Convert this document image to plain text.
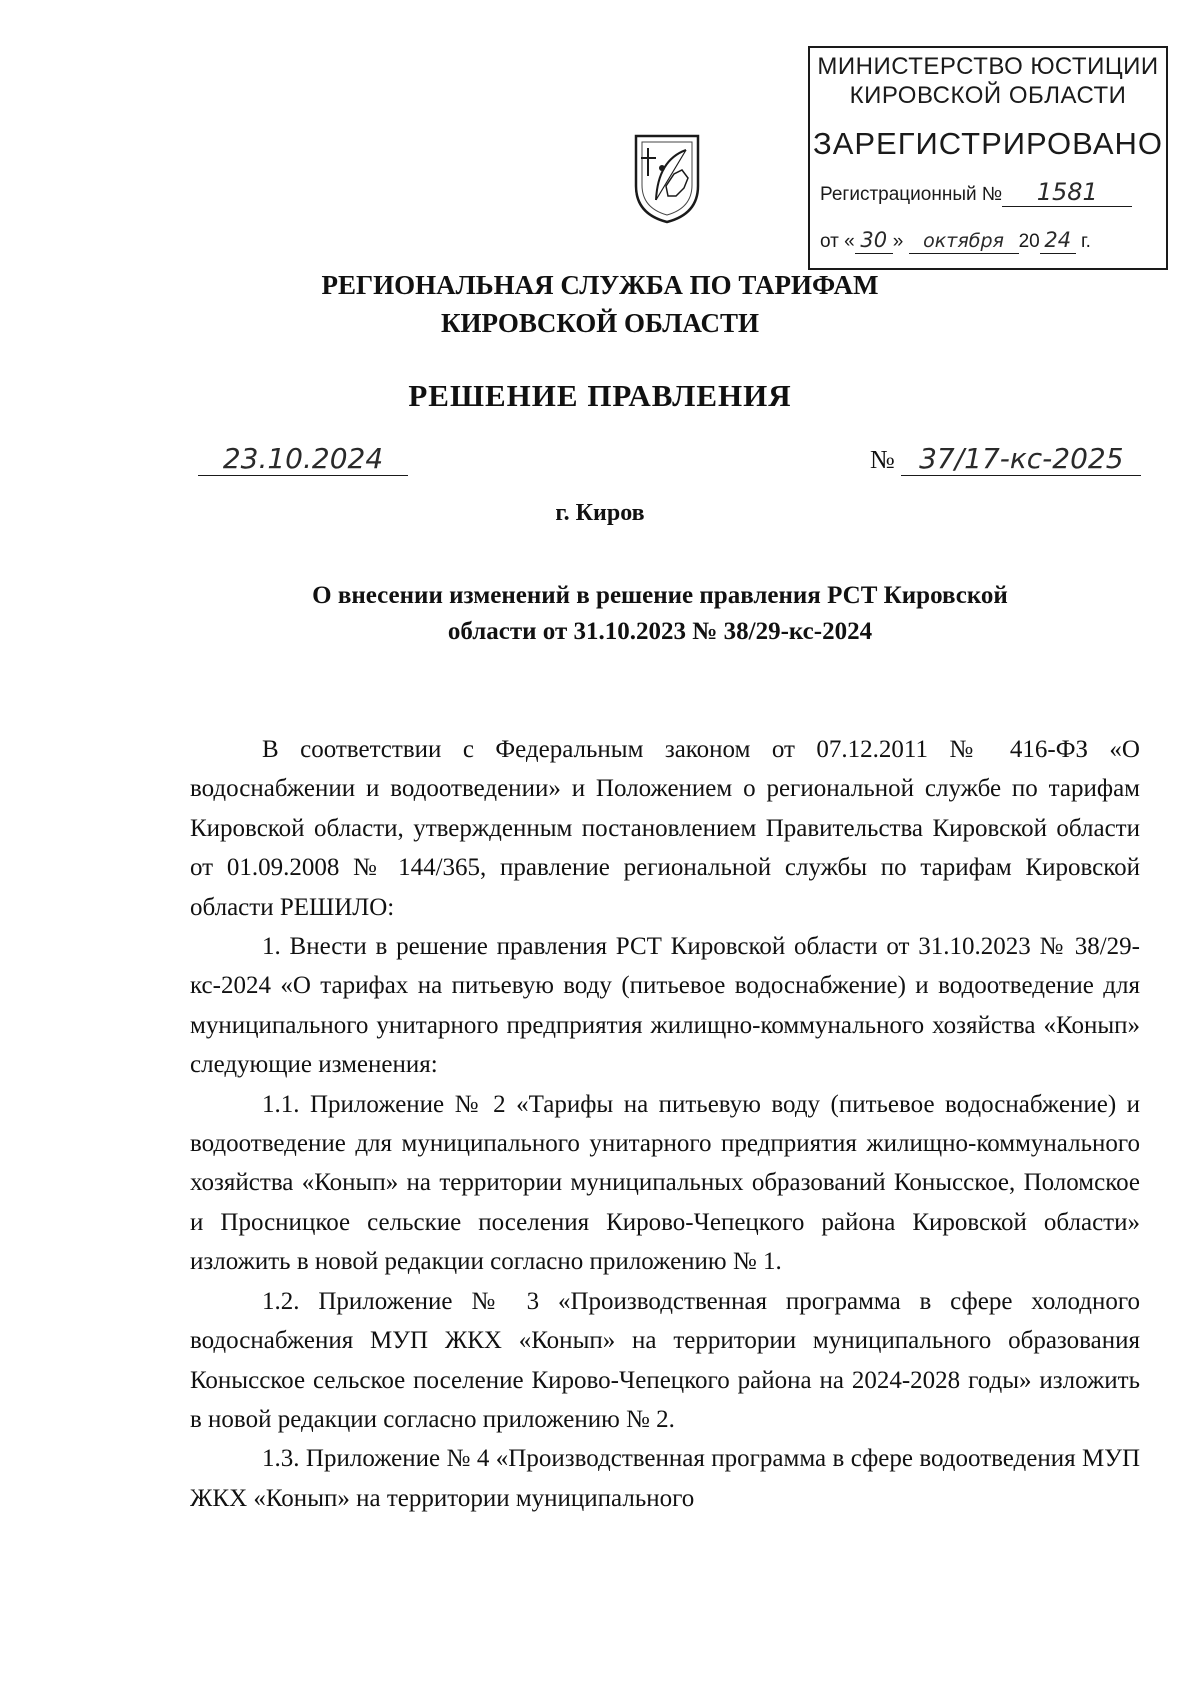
МИНИСТЕРСТВО ЮСТИЦИИ
КИРОВСКОЙ ОБЛАСТИ
ЗАРЕГИСТРИРОВАНО
Регистрационный № 1581
от « 30 » октября 20 24 г.
РЕГИОНАЛЬНАЯ СЛУЖБА ПО ТАРИФАМ
КИРОВСКОЙ ОБЛАСТИ
РЕШЕНИЕ ПРАВЛЕНИЯ
23.10.2024	№ 37/17-кс-2025
г. Киров
О внесении изменений в решение правления РСТ Кировской
области от 31.10.2023 № 38/29-кс-2024

В соответствии с Федеральным законом от 07.12.2011 № 416-ФЗ «О водоснабжении и водоотведении» и Положением о региональной службе по тарифам Кировской области, утвержденным постановлением Правительства Кировской области от 01.09.2008 № 144/365, правление региональной службы по тарифам Кировской области РЕШИЛО:

1. Внести в решение правления РСТ Кировской области от 31.10.2023 № 38/29-кс-2024 «О тарифах на питьевую воду (питьевое водоснабжение) и водоотведение для муниципального унитарного предприятия жилищно-коммунального хозяйства «Конып» следующие изменения:

1.1. Приложение № 2 «Тарифы на питьевую воду (питьевое водоснабжение) и водоотведение для муниципального унитарного предприятия жилищно-коммунального хозяйства «Конып» на территории муниципальных образований Конысское, Поломское и Просницкое сельские поселения Кирово-Чепецкого района Кировской области» изложить в новой редакции согласно приложению № 1.

1.2. Приложение № 3 «Производственная программа в сфере холодного водоснабжения МУП ЖКХ «Конып» на территории муниципального образования Конысское сельское поселение Кирово-Чепецкого района на 2024-2028 годы» изложить в новой редакции согласно приложению № 2.

1.3. Приложение № 4 «Производственная программа в сфере водоотведения МУП ЖКХ «Конып» на территории муниципального
